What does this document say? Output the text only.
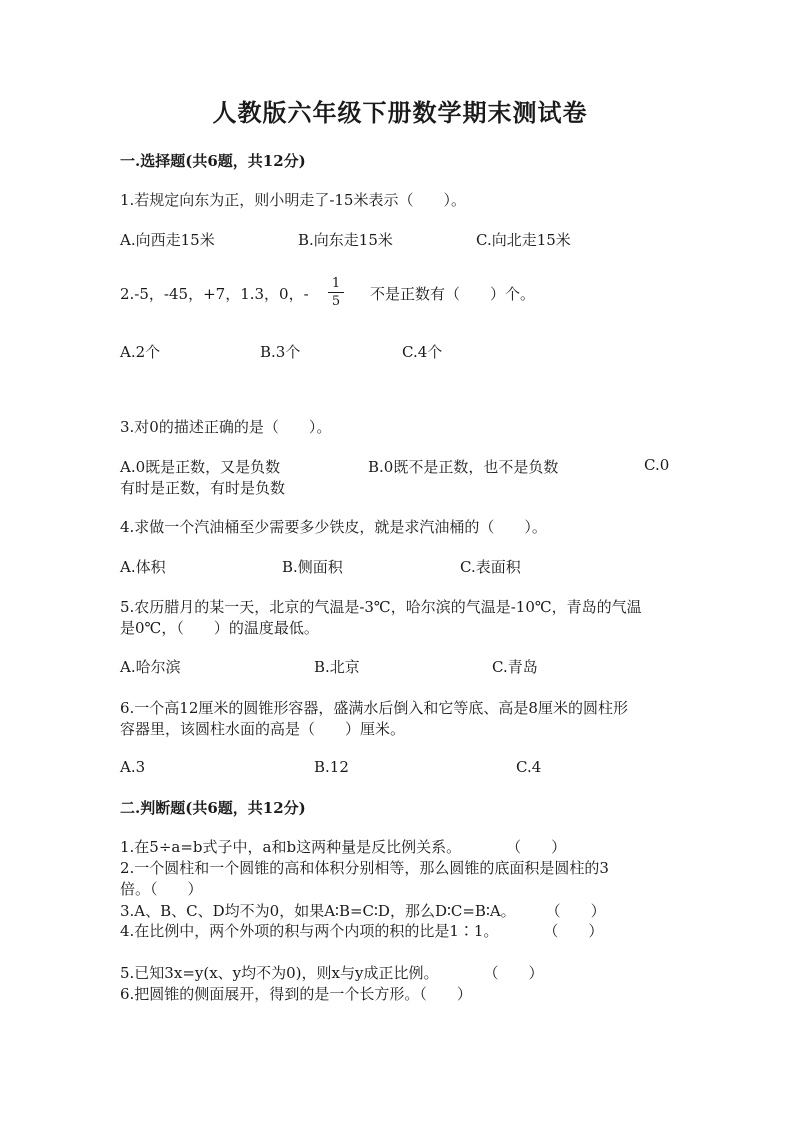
人教版六年级下册数学期末测试卷
一.选择题(共6题，共12分)
1.若规定向东为正，则小明走了-15米表示（　　）。
A.向西走15米	B.向东走15米	C.向北走15米
2.-5，-45，+7，1.3，0，-
1
5 不是正数有（　　）个。
A.2个	B.3个	C.4个
3.对0的描述正确的是（　　）。
A.0既是正数，又是负数	B.0既不是正数，也不是负数	C.0
有时是正数，有时是负数
4.求做一个汽油桶至少需要多少铁皮，就是求汽油桶的（　　）。
A.体积	B.侧面积	C.表面积
5.农历腊月的某一天，北京的气温是-3℃，哈尔滨的气温是-10℃，青岛的气温
是0℃，（　　）的温度最低。
A.哈尔滨	B.北京	C.青岛
6.一个高12厘米的圆锥形容器，盛满水后倒入和它等底、高是8厘米的圆柱形
容器里，该圆柱水面的高是（　　）厘米。
A.3	B.12	C.4
二.判断题(共6题，共12分)
1.在5÷a=b式子中，a和b这两种量是反比例关系。　　　　（　　）
2.一个圆柱和一个圆锥的高和体积分别相等，那么圆锥的底面积是圆柱的3
倍。（　　）
3.A、B、C、D均不为0，如果A∶B=C∶D，那么D∶C=B∶A。　　　（　　）
4.在比例中，两个外项的积与两个内项的积的比是1∶1。　　　　（　　）
5.已知3x=y(x、y均不为0)，则x与y成正比例。　　　　（　　）
6.把圆锥的侧面展开，得到的是一个长方形。（　　）
